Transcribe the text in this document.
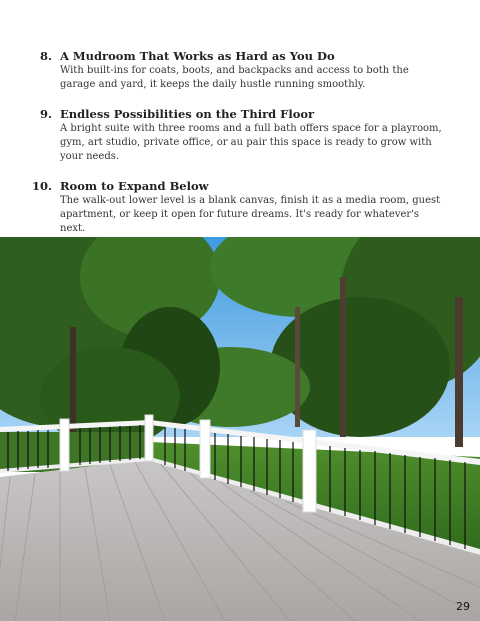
8. A Mudroom That Works as Hard as You Do
With built-ins for coats, boots, and backpacks and access to both the garage and yard, it keeps the daily hustle running smoothly.
9. Endless Possibilities on the Third Floor
A bright suite with three rooms and a full bath offers space for a playroom, gym, art studio, private office, or au pair this space is ready to grow with your needs.
10. Room to Expand Below
The walk-out lower level is a blank canvas, finish it as a media room, guest apartment, or keep it open for future dreams. It's ready for whatever's next.
29
